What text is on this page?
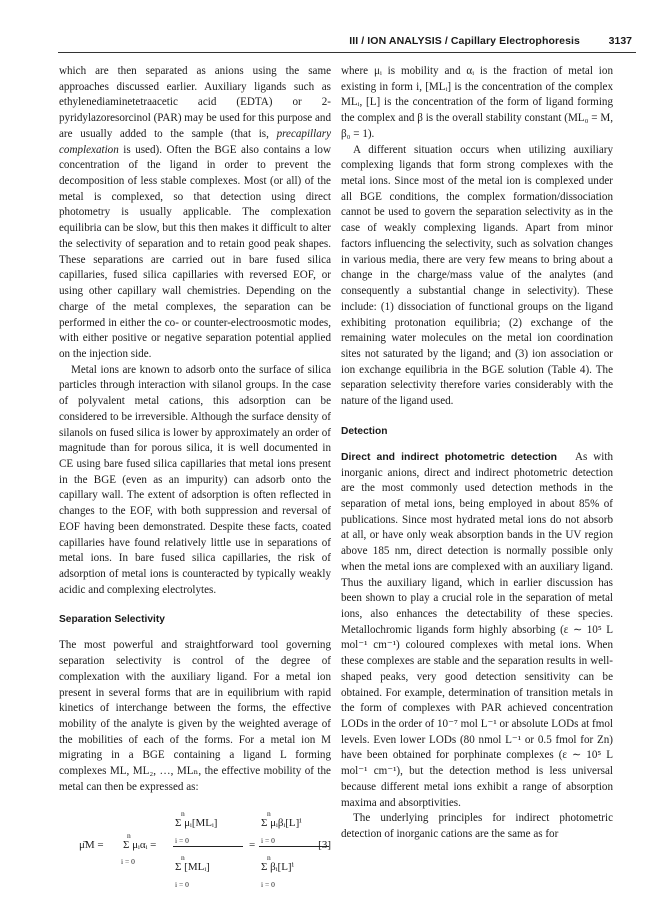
III / ION ANALYSIS / Capillary Electrophoresis	3137

which are then separated as anions using the same approaches discussed earlier. Auxiliary ligands such as ethylenediaminetetraacetic acid (EDTA) or 2-pyridylazoresorcinol (PAR) may be used for this purpose and are usually added to the sample (that is, precapillary complexation is used). Often the BGE also contains a low concentration of the ligand in order to prevent the decomposition of less stable complexes. Most (or all) of the metal is complexed, so that detection using direct photometry is usually applicable. The complexation equilibria can be slow, but this then makes it difficult to alter the selectivity of separation and to retain good peak shapes. These separations are carried out in bare fused silica capillaries, fused silica capillaries with reversed EOF, or using other capillary wall chemistries. Depending on the charge of the metal complexes, the separation can be performed in either the co- or counter-electroosmotic modes, with either positive or negative separation potential applied on the injection side.

Metal ions are known to adsorb onto the surface of silica particles through interaction with silanol groups. In the case of polyvalent metal cations, this adsorption can be considered to be irreversible. Although the surface density of silanols on fused silica is lower by approximately an order of magnitude than for porous silica, it is well documented in CE using bare fused silica capillaries that metal ions present in the BGE (even as an impurity) can adsorb onto the capillary wall. The extent of adsorption is often reflected in changes to the EOF, with both suppression and reversal of EOF having been demonstrated. Despite these facts, coated capillaries have found relatively little use in separations of metal ions. In bare fused silica capillaries, the risk of adsorption of metal ions is counteracted by typically weakly acidic and complexing electrolytes.

Separation Selectivity

The most powerful and straightforward tool governing separation selectivity is control of the degree of complexation with the auxiliary ligand. For a metal ion present in several forms that are in equilibrium with rapid kinetics of interchange between the forms, the effective mobility of the analyte is given by the weighted average of the mobilities of each of the forms. For a metal ion M migrating in a BGE containing a ligand L forming complexes ML, ML₂, …, MLₙ, the effective mobility of the metal can then be expressed as:

μ̄M =
n
Σ μᵢαᵢ =
i = 0
n
Σ μᵢ[MLᵢ]
i = 0
n
Σ [MLᵢ]
i = 0
=
n
Σ μᵢβᵢ[L]ⁱ
i = 0
n
Σ βᵢ[L]ⁱ
i = 0
[3]

where μᵢ is mobility and αᵢ is the fraction of metal ion existing in form i, [MLᵢ] is the concentration of the complex MLᵢ, [L] is the concentration of the form of ligand forming the complex and β is the overall stability constant (ML₀ = M, β₀ = 1).

A different situation occurs when utilizing auxiliary complexing ligands that form strong complexes with the metal ions. Since most of the metal ion is complexed under all BGE conditions, the complex formation/dissociation cannot be used to govern the separation selectivity as in the case of weakly complexing ligands. Apart from minor factors influencing the selectivity, such as solvation changes in various media, there are very few means to bring about a change in the charge/mass value of the analytes (and consequently a substantial change in selectivity). These include: (1) dissociation of functional groups on the ligand exhibiting protonation equilibria; (2) exchange of the remaining water molecules on the metal ion coordination sites not saturated by the ligand; and (3) ion association or ion exchange equilibria in the BGE solution (Table 4). The separation selectivity therefore varies considerably with the nature of the ligand used.

Detection

Direct and indirect photometric detection As with inorganic anions, direct and indirect photometric detection are the most commonly used detection methods in the separation of metal ions, being employed in about 85% of publications. Since most hydrated metal ions do not absorb at all, or have only weak absorption bands in the UV region above 185 nm, direct detection is normally possible only when the metal ions are complexed with an auxiliary ligand. Thus the auxiliary ligand, which in earlier discussion has been shown to play a crucial role in the separation of metal ions, also enhances the detectability of these species. Metallochromic ligands form highly absorbing (ε ∼ 10⁵ L mol⁻¹ cm⁻¹) coloured complexes with metal ions. When these complexes are stable and the separation results in well-shaped peaks, very good detection sensitivity can be obtained. For example, determination of transition metals in the form of complexes with PAR achieved concentration LODs in the order of 10⁻⁷ mol L⁻¹ or absolute LODs at fmol levels. Even lower LODs (80 nmol L⁻¹ or 0.5 fmol for Zn) have been obtained for porphinate complexes (ε ∼ 10⁵ L mol⁻¹ cm⁻¹), but the detection method is less universal because different metal ions exhibit a range of absorption maxima and absorptivities.

The underlying principles for indirect photometric detection of inorganic cations are the same as for
